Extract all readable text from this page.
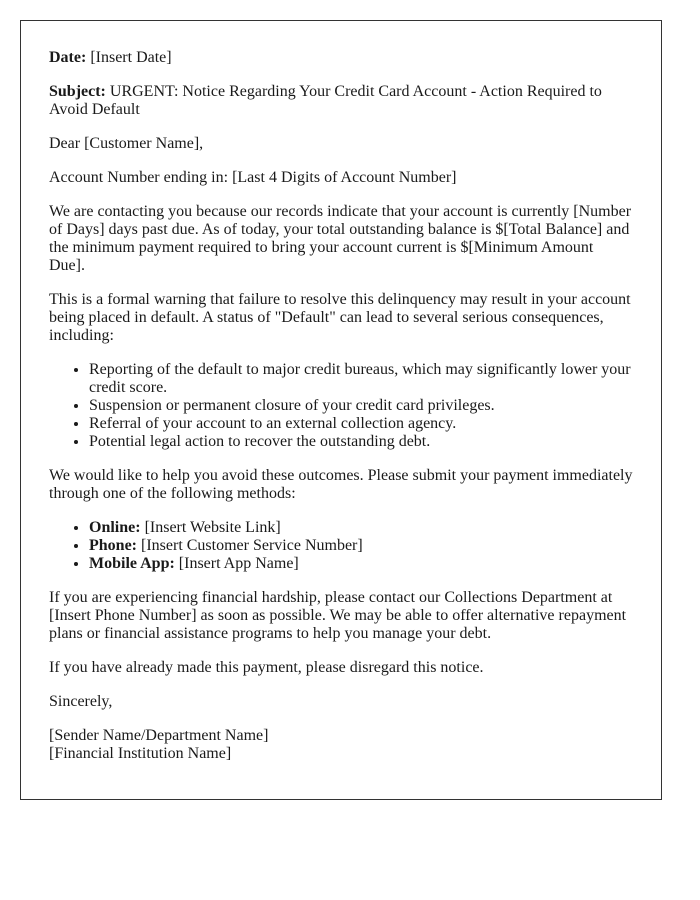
Date: [Insert Date]

Subject: URGENT: Notice Regarding Your Credit Card Account - Action Required to Avoid Default

Dear [Customer Name],

Account Number ending in: [Last 4 Digits of Account Number]

We are contacting you because our records indicate that your account is currently [Number of Days] days past due. As of today, your total outstanding balance is $[Total Balance] and the minimum payment required to bring your account current is $[Minimum Amount Due].

This is a formal warning that failure to resolve this delinquency may result in your account being placed in default. A status of "Default" can lead to several serious consequences, including:

• Reporting of the default to major credit bureaus, which may significantly lower your credit score.
• Suspension or permanent closure of your credit card privileges.
• Referral of your account to an external collection agency.
• Potential legal action to recover the outstanding debt.

We would like to help you avoid these outcomes. Please submit your payment immediately through one of the following methods:

• Online: [Insert Website Link]
• Phone: [Insert Customer Service Number]
• Mobile App: [Insert App Name]

If you are experiencing financial hardship, please contact our Collections Department at [Insert Phone Number] as soon as possible. We may be able to offer alternative repayment plans or financial assistance programs to help you manage your debt.

If you have already made this payment, please disregard this notice.

Sincerely,

[Sender Name/Department Name]

[Financial Institution Name]
